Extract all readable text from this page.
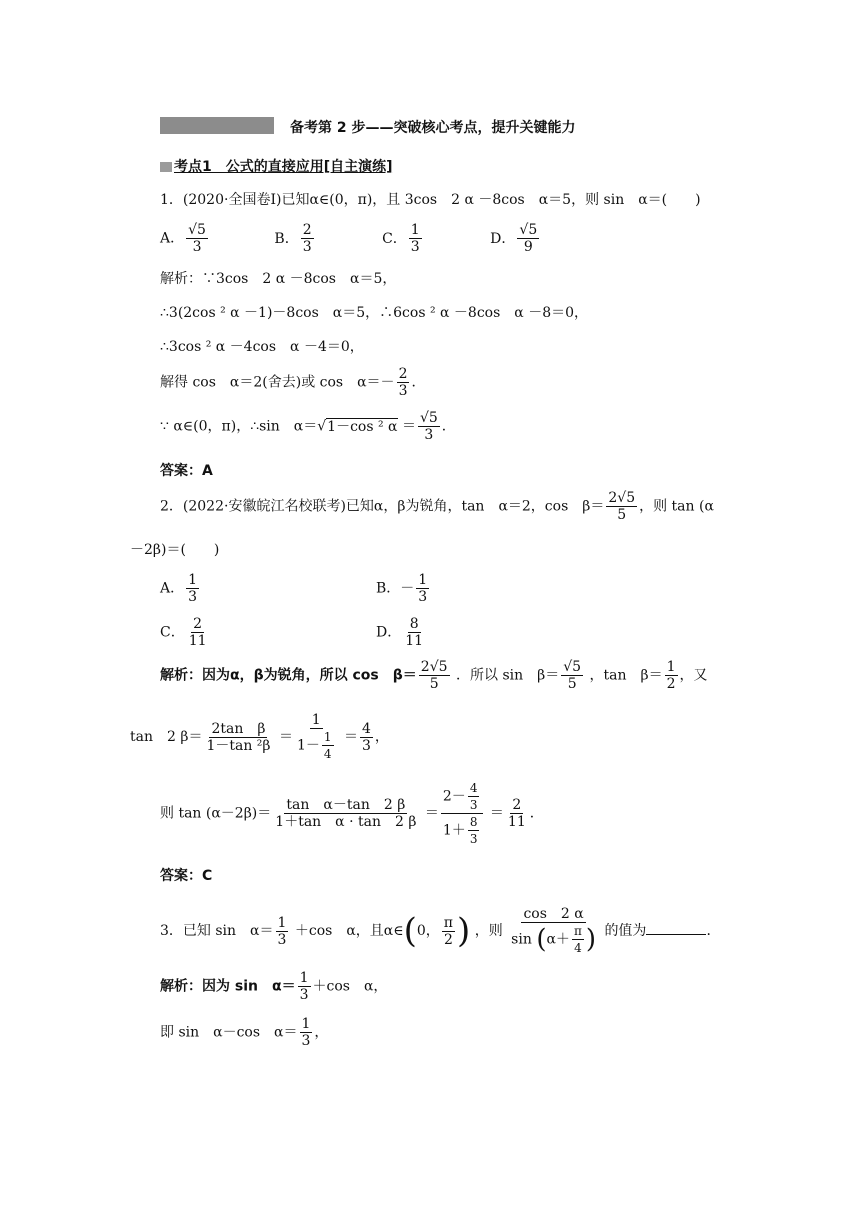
备考第 2 步——突破核心考点，提升关键能力
考点1　公式的直接应用[自主演练]
1．(2020·全国卷Ⅰ)已知α∈(0，π)，且 3cos　2 α －8cos　α＝5，则 sin　α＝(　　)
A． $\frac{√5}{3}$	B． $\frac{2}{3}$	C． $\frac{1}{3}$	D． $\frac{√5}{9}$
解析：∵3cos　2 α －8cos　α＝5，
∴3(2cos ² α －1)－8cos　α＝5，∴6cos ² α －8cos　α －8＝0，
∴3cos ² α －4cos　α －4＝0，
解得 cos　α＝2(舍去)或 cos　$\alpha=- \frac{2}{3}$ ．
∵ α∈(0，π)，∴sin　α＝√1－cos ² $\alpha = \frac{√5}{3}$ ．
答案：A
2．(2022·安徽皖江名校联考)已知α，β为锐角，tan　α＝2，cos　$\beta= \frac{2√5}{5}$ ，则 tan (α
－2β)＝(　　)
A． $\frac{1}{3}$	B．－ $\frac{1}{3}$
C． $\frac{2}{11}$	D． $\frac{8}{11}$
解析：因为α，β为锐角，所以 cos　$\beta= \frac{2√5}{5}$ ．所以 sin　$\beta= \frac{√5}{5}$ ，tan　$\beta= \frac{1}{2}$ ，又
tan　2 $\beta= \frac{\text{2tan　β}}{\text{1－tan ²β}} = \frac{1}{1- \frac{1}{4}} = \frac{4}{3}$ ，
则 $\tan (\alpha-2\beta)= \frac{\text{tan　α－tan　2 β}}{\text{1＋tan　α · tan　2 β}} = \frac{2- \frac{4}{3}}{1+ \frac{8}{3}} = \frac{2}{11}$ ．
答案：C
3．已知 sin　$\alpha= \frac{1}{3} +\cos$　α，且α∈(0， $\frac{\pi}{2}$ ) ，则 $\frac{\cos 2 \alpha}{\sin (\alpha+ \frac{\pi}{4} )}$ 的值为	．
解析：因为 sin　$\alpha= \frac{1}{3} +\cos$　α，
即 sin　α－cos　$\alpha= \frac{1}{3}$ ，
